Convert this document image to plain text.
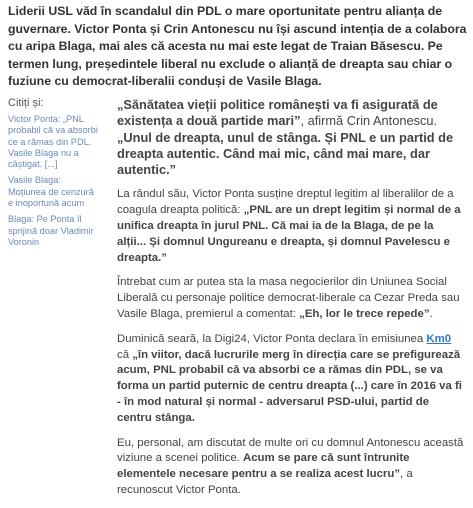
Liderii USL văd în scandalul din PDL o mare oportunitate pentru alianța de guvernare. Victor Ponta și Crin Antonescu nu își ascund intenția de a colabora cu aripa Blaga, mai ales că acesta nu mai este legat de Traian Băsescu. Pe termen lung, președintele liberal nu exclude o alianță de dreapta sau chiar o fuziune cu democrat-liberalii conduși de Vasile Blaga.
Citiți și:
Victor Ponta: „PNL probabil că va absorbi ce a rămas din PDL. Vasile Blaga nu a câștigat. [...]
Vasile Blaga: Moțiunea de cenzură e inoportună acum
Blaga: Pe Ponta îl sprijină doar Vladimir Voronin

„Sănătatea vieții politice românești va fi asigurată de existența a două partide mari”, afirmă Crin Antonescu. „Unul de dreapta, unul de stânga. Și PNL e un partid de dreapta autentic. Când mai mic, când mai mare, dar autentic.”

La rândul său, Victor Ponta susține dreptul legitim al liberalilor de a coagula dreapta politică: „PNL are un drept legitim și normal de a unifica dreapta în jurul PNL. Că mai ia de la Blaga, de pe la alții... Și domnul Ungureanu e dreapta, și domnul Pavelescu e dreapta.”

Întrebat cum ar putea sta la masa negocierilor din Uniunea Social Liberală cu personaje politice democrat-liberale ca Cezar Preda sau Vasile Blaga, premierul a comentat: „Eh, lor le trece repede”.

Duminică seară, la Digi24, Victor Ponta declara în emisiunea Km0 că „în viitor, dacă lucrurile merg în direcția care se prefigurează acum, PNL probabil că va absorbi ce a rămas din PDL, se va forma un partid puternic de centru dreapta (...) care în 2016 va fi - în mod natural și normal - adversarul PSD-ului, partid de centru stânga.

Eu, personal, am discutat de multe ori cu domnul Antonescu această viziune a scenei politice. Acum se pare că sunt întrunite elementele necesare pentru a se realiza acest lucru”, a recunoscut Victor Ponta.
